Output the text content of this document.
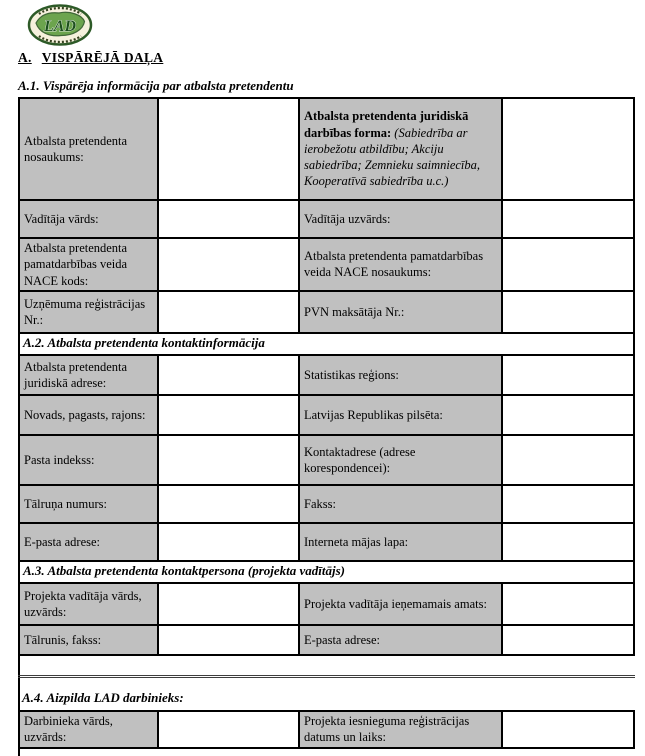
LAD
A. VISPĀRĒJĀ DAĻA
A.1. Vispārēja informācija par atbalsta pretendentu
Atbalsta pretendenta nosaukums:		Atbalsta pretendenta juridiskā darbības forma: (Sabiedrība ar ierobežotu atbildību; Akciju sabiedrība; Zemnieku saimniecība, Kooperatīvā sabiedrība u.c.)	
Vadītāja vārds:		Vadītāja uzvārds:	
Atbalsta pretendenta pamatdarbības veida NACE kods:		Atbalsta pretendenta pamatdarbības veida NACE nosaukums:	
Uzņēmuma reģistrācijas Nr.:		PVN maksātāja Nr.:	
A.2. Atbalsta pretendenta kontaktinformācija			
Atbalsta pretendenta juridiskā adrese:		Statistikas reģions:	
Novads, pagasts, rajons:		Latvijas Republikas pilsēta:	
Pasta indekss:		Kontaktadrese (adrese korespondencei):	
Tālruņa numurs:		Fakss:	
E-pasta adrese:		Interneta mājas lapa:	
A.3. Atbalsta pretendenta kontaktpersona (projekta vadītājs)			
Projekta vadītāja vārds, uzvārds:		Projekta vadītāja ieņemamais amats:	
Tālrunis, fakss:		E-pasta adrese:	
A.4. Aizpilda LAD darbinieks:
Darbinieka vārds, uzvārds:		Projekta iesnieguma reģistrācijas datums un laiks:	
